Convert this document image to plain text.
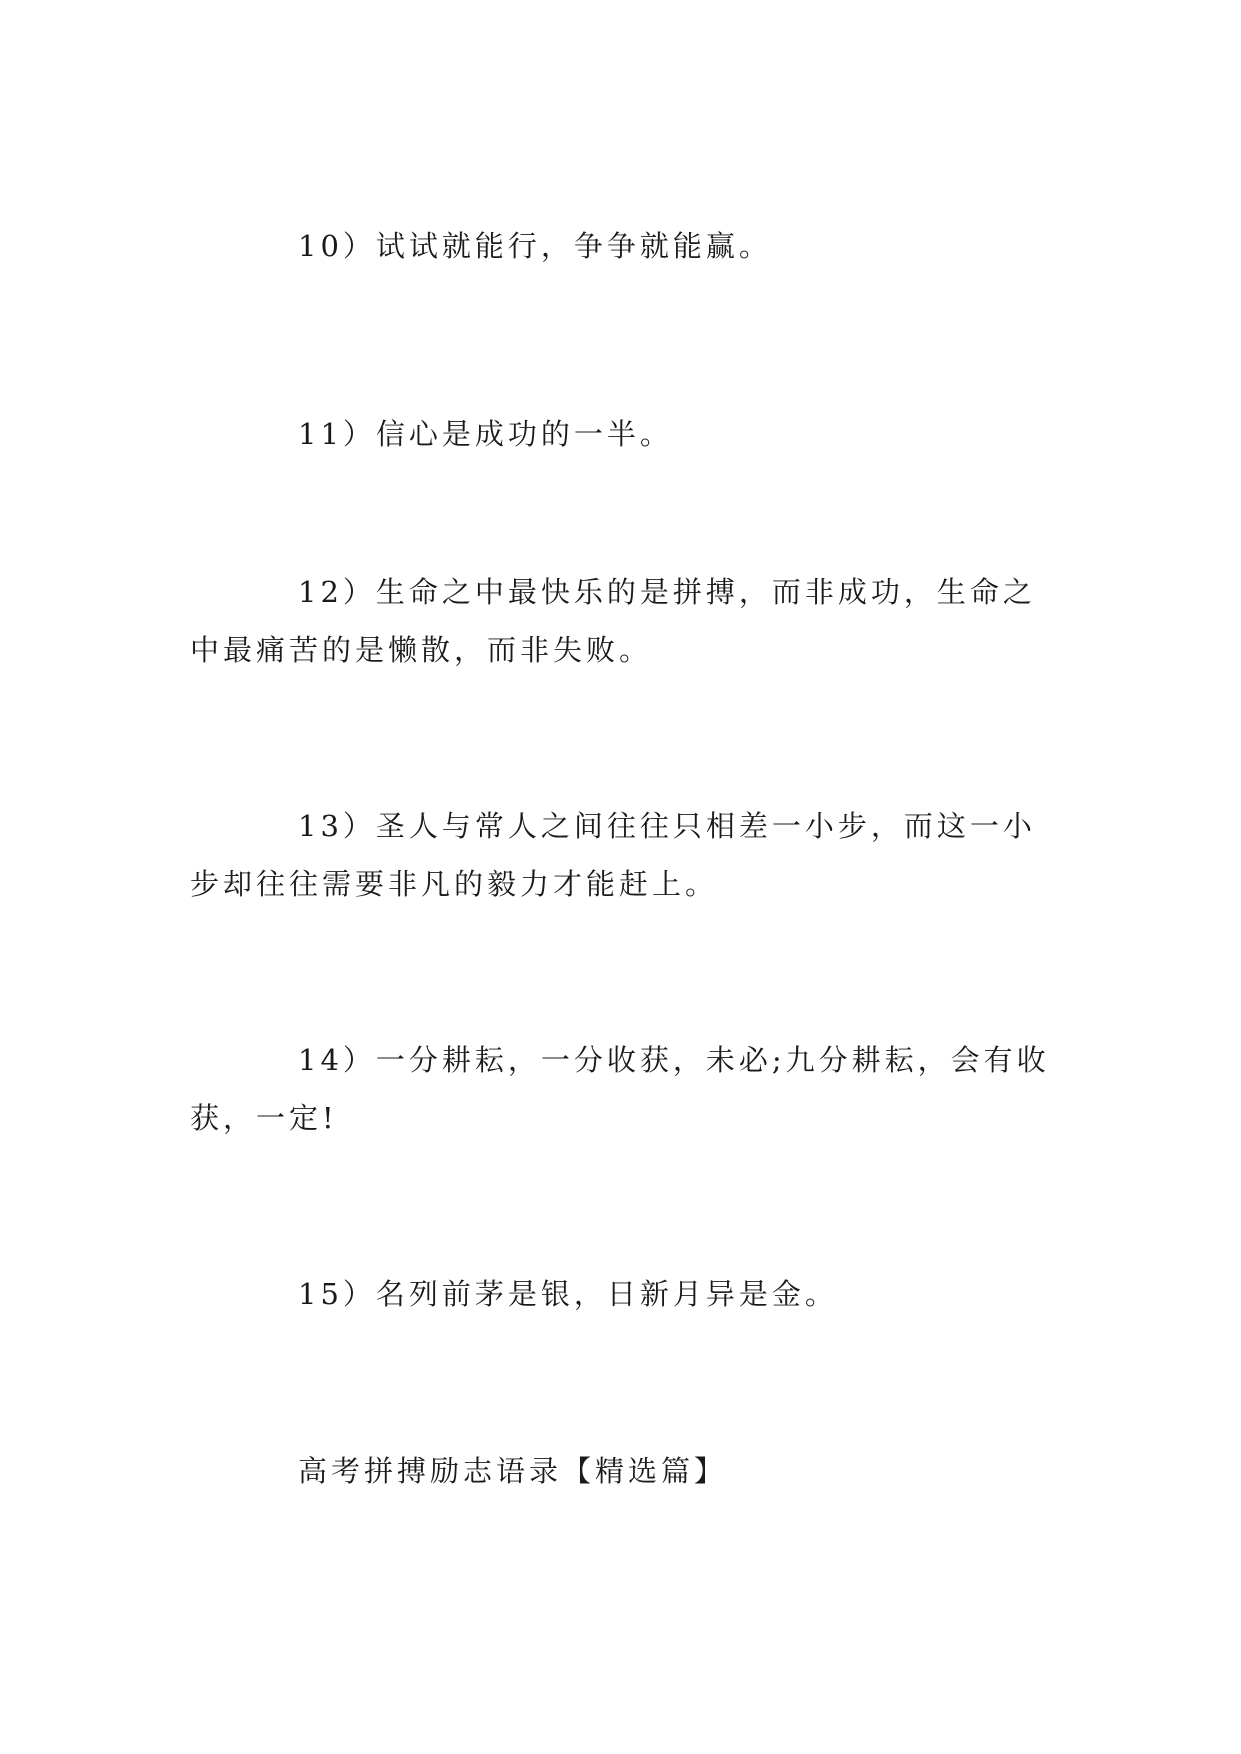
10）试试就能行，争争就能赢。

11）信心是成功的一半。

12）生命之中最快乐的是拼搏，而非成功，生命之中最痛苦的是懒散，而非失败。

13）圣人与常人之间往往只相差一小步，而这一小步却往往需要非凡的毅力才能赶上。

14）一分耕耘，一分收获，未必;九分耕耘，会有收获，一定!

15）名列前茅是银，日新月异是金。

高考拼搏励志语录【精选篇】
